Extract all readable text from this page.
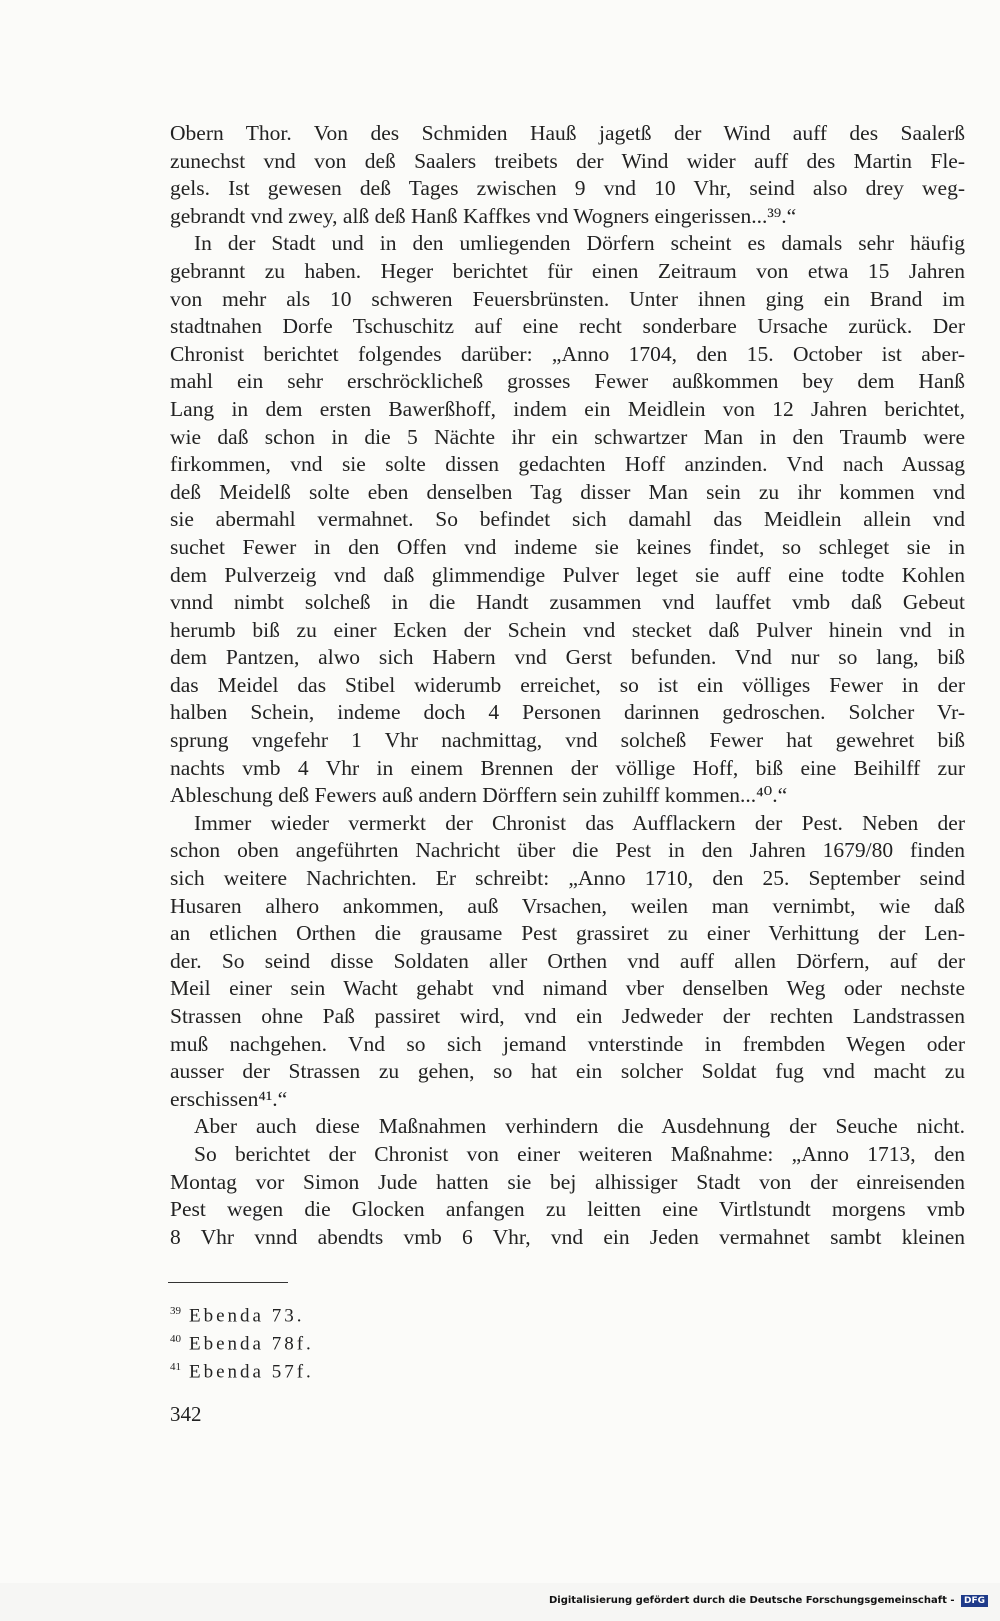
Obern Thor. Von des Schmiden Hauß jagetß der Wind auff des Saalerß
zunechst vnd von deß Saalers treibets der Wind wider auff des Martin Fle-
gels. Ist gewesen deß Tages zwischen 9 vnd 10 Vhr, seind also drey weg-
gebrandt vnd zwey, alß deß Hanß Kaffkes vnd Wogners eingerissen...³⁹.“
In der Stadt und in den umliegenden Dörfern scheint es damals sehr häufig
gebrannt zu haben. Heger berichtet für einen Zeitraum von etwa 15 Jahren
von mehr als 10 schweren Feuersbrünsten. Unter ihnen ging ein Brand im
stadtnahen Dorfe Tschuschitz auf eine recht sonderbare Ursache zurück. Der
Chronist berichtet folgendes darüber: „Anno 1704, den 15. October ist aber-
mahl ein sehr erschröcklicheß grosses Fewer außkommen bey dem Hanß
Lang in dem ersten Bawerßhoff, indem ein Meidlein von 12 Jahren berichtet,
wie daß schon in die 5 Nächte ihr ein schwartzer Man in den Traumb were
firkommen, vnd sie solte dissen gedachten Hoff anzinden. Vnd nach Aussag
deß Meidelß solte eben denselben Tag disser Man sein zu ihr kommen vnd
sie abermahl vermahnet. So befindet sich damahl das Meidlein allein vnd
suchet Fewer in den Offen vnd indeme sie keines findet, so schleget sie in
dem Pulverzeig vnd daß glimmendige Pulver leget sie auff eine todte Kohlen
vnnd nimbt solcheß in die Handt zusammen vnd lauffet vmb daß Gebeut
herumb biß zu einer Ecken der Schein vnd stecket daß Pulver hinein vnd in
dem Pantzen, alwo sich Habern vnd Gerst befunden. Vnd nur so lang, biß
das Meidel das Stibel widerumb erreichet, so ist ein völliges Fewer in der
halben Schein, indeme doch 4 Personen darinnen gedroschen. Solcher Vr-
sprung vngefehr 1 Vhr nachmittag, vnd solcheß Fewer hat gewehret biß
nachts vmb 4 Vhr in einem Brennen der völlige Hoff, biß eine Beihilff zur
Ableschung deß Fewers auß andern Dörffern sein zuhilff kommen...⁴⁰.“
Immer wieder vermerkt der Chronist das Aufflackern der Pest. Neben der
schon oben angeführten Nachricht über die Pest in den Jahren 1679/80 finden
sich weitere Nachrichten. Er schreibt: „Anno 1710, den 25. September seind
Husaren alhero ankommen, auß Vrsachen, weilen man vernimbt, wie daß
an etlichen Orthen die grausame Pest grassiret zu einer Verhittung der Len-
der. So seind disse Soldaten aller Orthen vnd auff allen Dörfern, auf der
Meil einer sein Wacht gehabt vnd nimand vber denselben Weg oder nechste
Strassen ohne Paß passiret wird, vnd ein Jedweder der rechten Landstrassen
muß nachgehen. Vnd so sich jemand vnterstinde in frembden Wegen oder
ausser der Strassen zu gehen, so hat ein solcher Soldat fug vnd macht zu
erschissen⁴¹.“
Aber auch diese Maßnahmen verhindern die Ausdehnung der Seuche nicht.
So berichtet der Chronist von einer weiteren Maßnahme: „Anno 1713, den
Montag vor Simon Jude hatten sie bej alhissiger Stadt von der einreisenden
Pest wegen die Glocken anfangen zu leitten eine Virtlstundt morgens vmb
8 Vhr vnnd abendts vmb 6 Vhr, vnd ein Jeden vermahnet sambt kleinen
$^{39}$ Ebenda 73.
$^{40}$ Ebenda 78f.
$^{41}$ Ebenda 57f.
342
Digitalisierung gefördert durch die Deutsche Forschungsgemeinschaft - DFG
